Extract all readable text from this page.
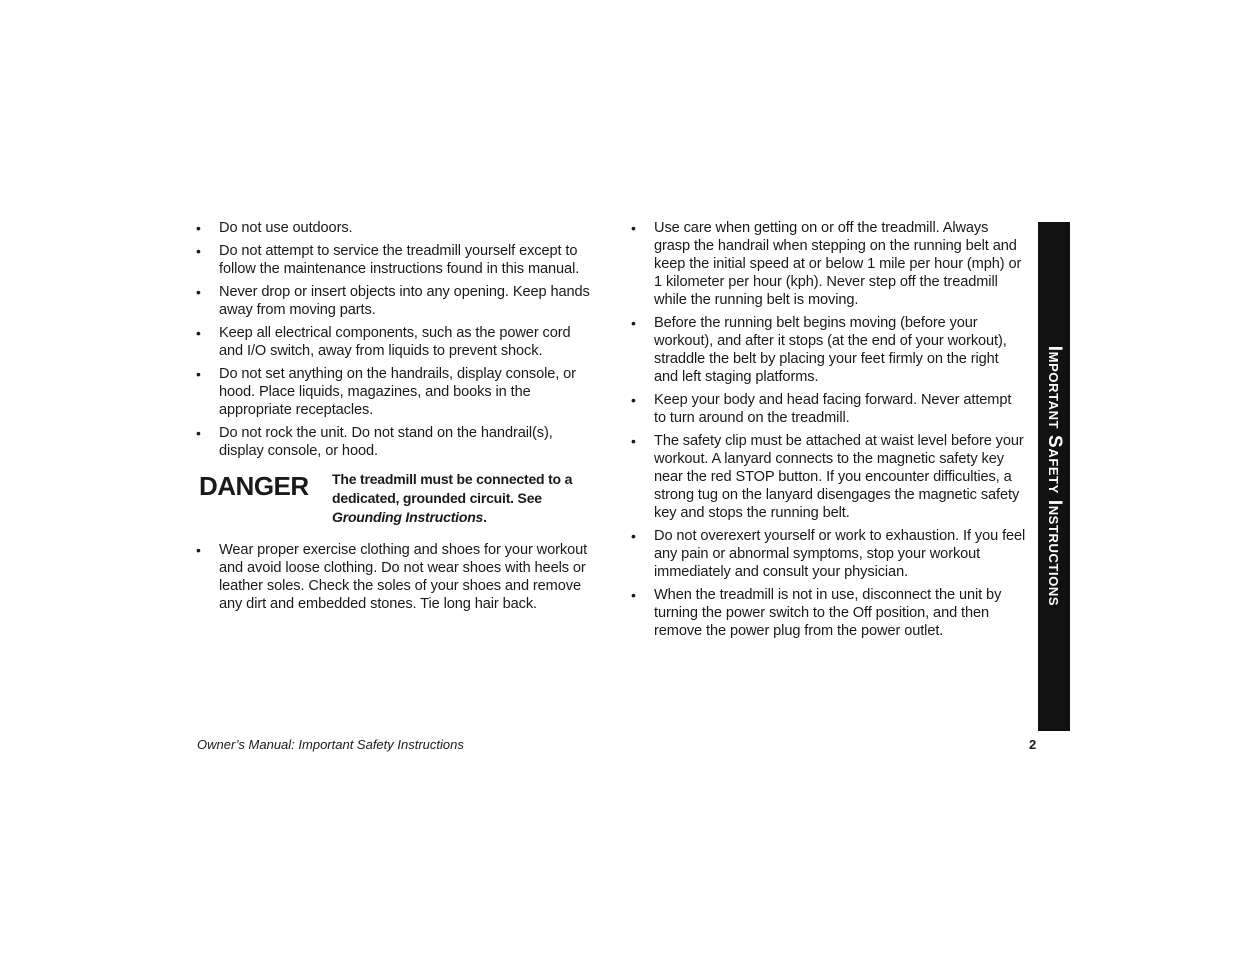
• Do not use outdoors.
• Do not attempt to service the treadmill yourself except to follow the maintenance instructions found in this manual.
• Never drop or insert objects into any opening. Keep hands away from moving parts.
• Keep all electrical components, such as the power cord and I/O switch, away from liquids to prevent shock.
• Do not set anything on the handrails, display console, or hood. Place liquids, magazines, and books in the appropriate receptacles.
• Do not rock the unit. Do not stand on the handrail(s), display console, or hood.
DANGER	The treadmill must be connected to a dedicated, grounded circuit. See Grounding Instructions.
• Wear proper exercise clothing and shoes for your workout and avoid loose clothing. Do not wear shoes with heels or leather soles. Check the soles of your shoes and remove any dirt and embedded stones. Tie long hair back.
• Use care when getting on or off the treadmill. Always grasp the handrail when stepping on the running belt and keep the initial speed at or below 1 mile per hour (mph) or 1 kilometer per hour (kph). Never step off the treadmill while the running belt is moving.
• Before the running belt begins moving (before your workout), and after it stops (at the end of your workout), straddle the belt by placing your feet firmly on the right and left staging platforms.
• Keep your body and head facing forward. Never attempt to turn around on the treadmill.
• The safety clip must be attached at waist level before your workout. A lanyard connects to the magnetic safety key near the red STOP button. If you encounter difficulties, a strong tug on the lanyard disengages the magnetic safety key and stops the running belt.
• Do not overexert yourself or work to exhaustion. If you feel any pain or abnormal symptoms, stop your workout immediately and consult your physician.
• When the treadmill is not in use, disconnect the unit by turning the power switch to the Off position, and then remove the power plug from the power outlet.
Important Safety Instructions
Owner’s Manual: Important Safety Instructions	2
